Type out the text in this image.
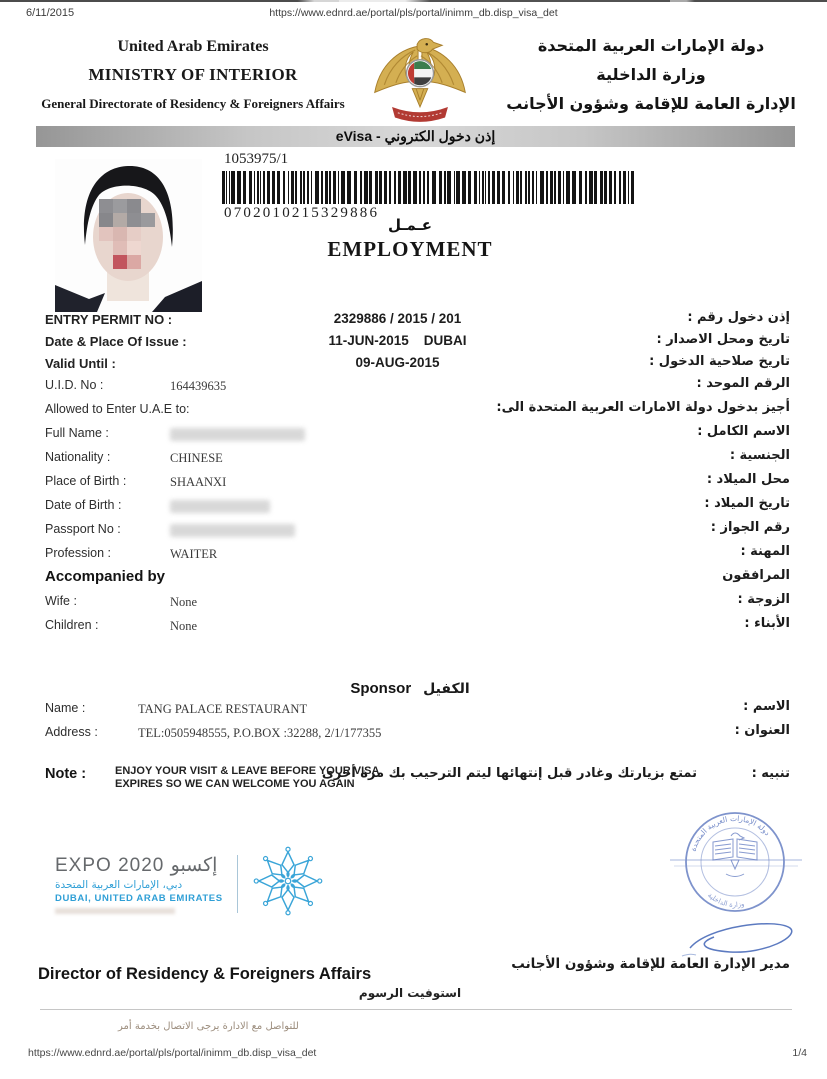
6/11/2015	https://www.ednrd.ae/portal/pls/portal/inimm_db.disp_visa_det
United Arab Emirates
MINISTRY OF INTERIOR
General Directorate of Residency & Foreigners Affairs
دولة الإمارات العربية المتحدة
وزارة الداخلية
الإدارة العامة للإقامة وشؤون الأجانب
eVisa - إذن دخول الكتروني
1053975/1
0702010215329886
عـمـل
EMPLOYMENT
ENTRY PERMIT NO :	2329886 / 2015 / 201	إذن دخول رقم :
Date & Place Of Issue :	11-JUN-2015    DUBAI	تاريخ ومحل الاصدار :
Valid Until :	09-AUG-2015	تاريخ صلاحية الدخول :
U.I.D. No :	164439635	الرقم الموحد :
Allowed to Enter U.A.E to:	أجيز بدخول دولة الامارات العربية المتحدة الى:
Full Name :	الاسم الكامل :
Nationality :	CHINESE	الجنسية :
Place of Birth :	SHAANXI	محل الميلاد :
Date of Birth :	تاريخ الميلاد :
Passport No :	رقم الجواز :
Profession :	WAITER	المهنة :
Accompanied by	المرافقون
Wife :	None	الزوجة :
Children :	None	الأبناء :
Sponsor الكفيل
Name :	TANG PALACE RESTAURANT	الاسم :
Address :	TEL:0505948555, P.O.BOX :32288, 2/1/177355	العنوان :
Note :	ENJOY YOUR VISIT & LEAVE BEFORE YOUR VISA
EXPIRES SO WE CAN WELCOME YOU AGAIN
تمتع بزيارتك وغادر قبل إنتهائها ليتم الترحيب بك مرة أخرى	تنبيه :
EXPO 2020 إكسبو
دبي، الإمارات العربية المتحدة
DUBAI, UNITED ARAB EMIRATES
دولة الإمارات العربية المتحدة
وزارة الداخلية
Director of Residency & Foreigners Affairs
مدير الإدارة العامة للإقامة وشؤون الأجانب
استوفيت الرسوم
للتواصل مع الادارة يرجى الاتصال بخدمة أمر
https://www.ednrd.ae/portal/pls/portal/inimm_db.disp_visa_det	1/4
